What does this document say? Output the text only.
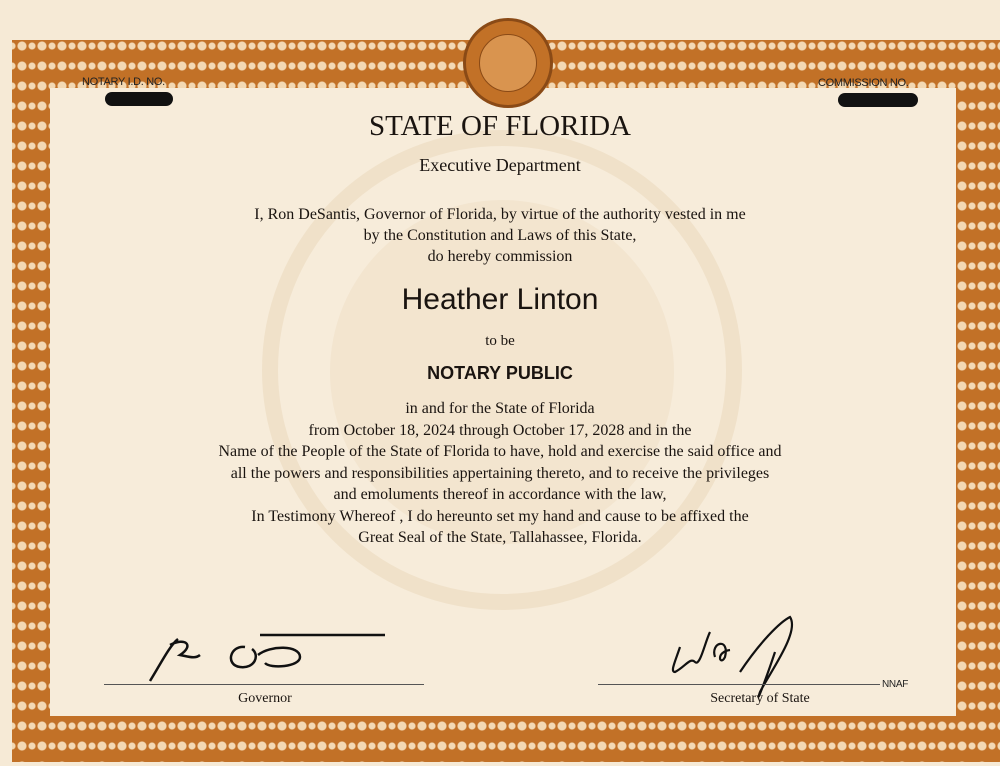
NOTARY I.D. NO.	COMMISSION NO.
STATE OF FLORIDA
Executive Department
I, Ron DeSantis, Governor of Florida, by virtue of the authority vested in me
by the Constitution and Laws of this State,
do hereby commission
Heather Linton
to be
NOTARY PUBLIC
in and for the State of Florida
from October 18, 2024 through October 17, 2028 and in the
Name of the People of the State of Florida to have, hold and exercise the said office and
all the powers and responsibilities appertaining thereto, and to receive the privileges
and emoluments thereof in accordance with the law,
In Testimony Whereof , I do hereunto set my hand and cause to be affixed the
Great Seal of the State, Tallahassee, Florida.
Governor
NNAF
Secretary of State
